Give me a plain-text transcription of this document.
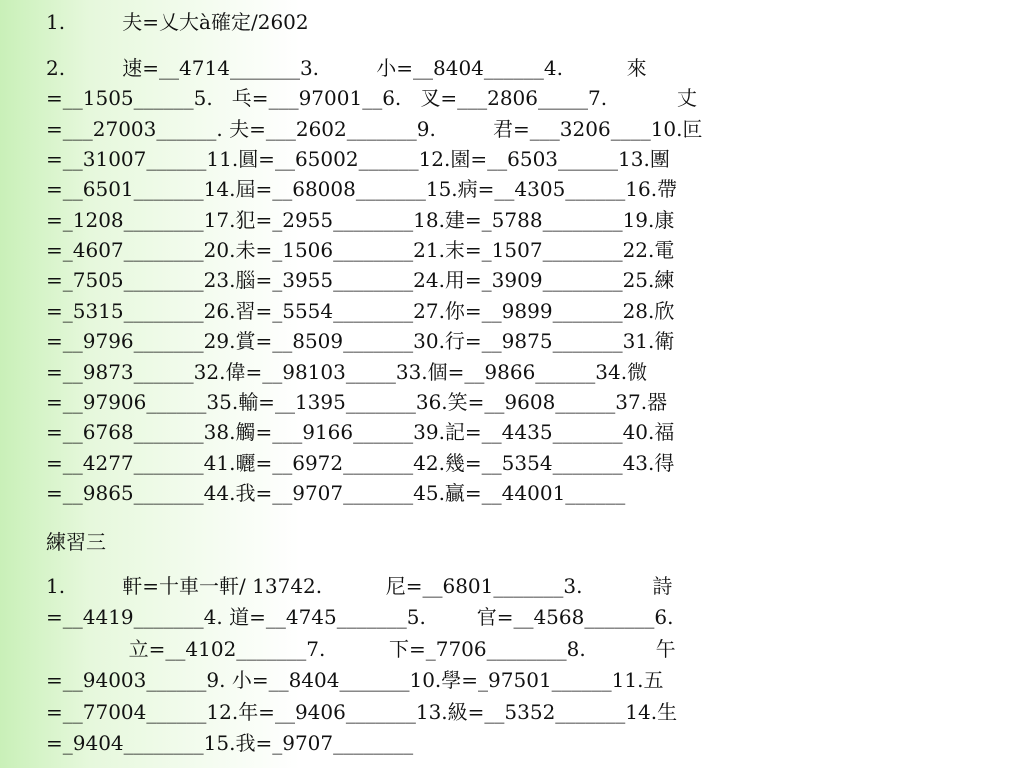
1.         夫=乂大à確定/2602
2.         速=__4714_______3.         小=__8404______4.          來
=__1505______5.   乓=___97001__6.   叉=___2806_____7.           丈
=___27003______. 夫=___2602_______9.         君=___3206____10.叵
=__31007______11.圓=__65002______12.園=__6503______13.團
=__6501_______14.屆=__68008_______15.病=__4305______16.帶
=_1208________17.犯=_2955________18.建=_5788________19.康
=_4607________20.未=_1506________21.末=_1507________22.電
=_7505________23.腦=_3955________24.用=_3909________25.練
=_5315________26.習=_5554________27.你=__9899_______28.欣
=__9796_______29.賞=__8509_______30.行=__9875_______31.衛
=__9873______32.偉=__98103_____33.個=__9866______34.微
=__97906______35.輸=__1395_______36.笑=__9608______37.器
=__6768_______38.觸=___9166______39.記=__4435_______40.福
=__4277_______41.曬=__6972_______42.幾=__5354_______43.得
=__9865_______44.我=__9707_______45.贏=__44001______
練習三
1.         軒=十車一軒/ 13742.          尼=__6801_______3.           詩
=__4419_______4. 道=__4745_______5.        官=__4568_______6.
立=__4102_______7.          下=_7706________8.           午
=__94003______9. 小=__8404_______10.學=_97501______11.五
=__77004______12.年=__9406_______13.級=__5352_______14.生
=_9404________15.我=_9707________
